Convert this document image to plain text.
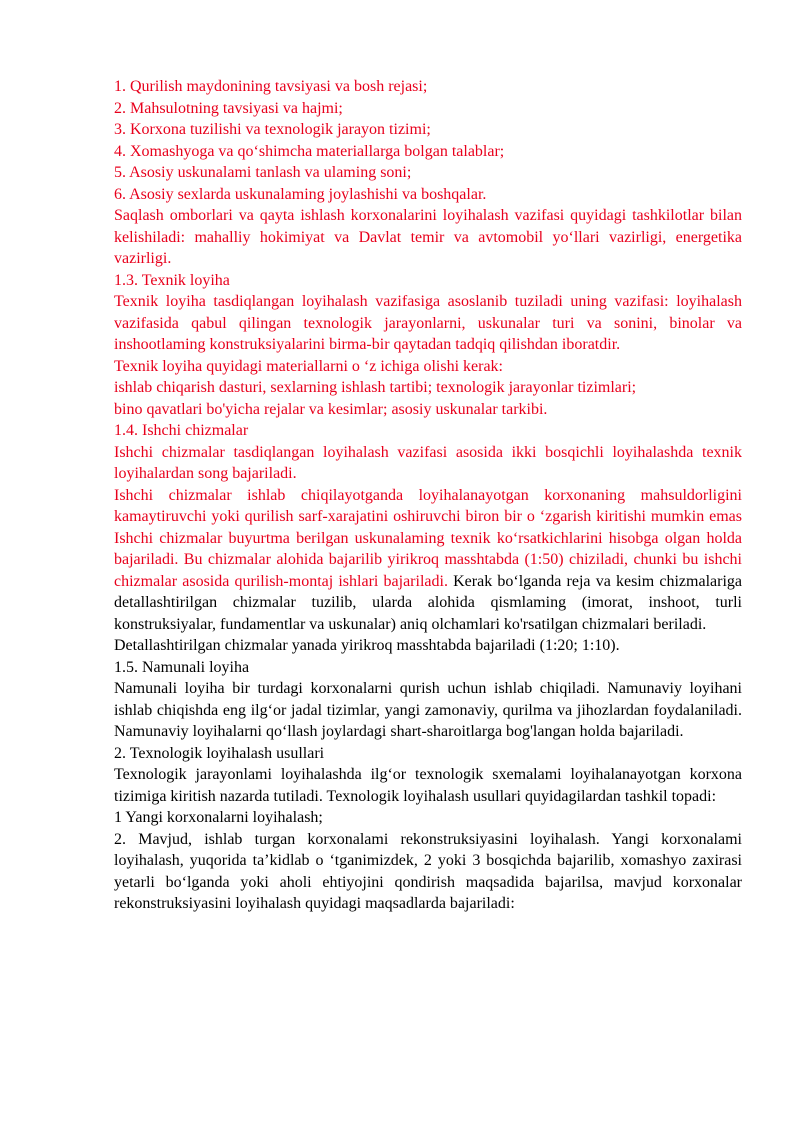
1. Qurilish maydonining tavsiyasi va bosh rejasi;
2. Mahsulotning tavsiyasi va hajmi;
3. Korxona tuzilishi va texnologik jarayon tizimi;
4. Xomashyoga va qo‘shimcha materiallarga bolgan talablar;
5. Asosiy uskunalami tanlash va ulaming soni;
6. Asosiy sexlarda uskunalaming joylashishi va boshqalar.

Saqlash omborlari va qayta ishlash korxonalarini loyihalash vazifasi quyidagi tashkilotlar bilan kelishiladi: mahalliy hokimiyat va Davlat temir va avtomobil yo‘llari vazirligi, energetika vazirligi.

1.3. Texnik loyiha

Texnik loyiha tasdiqlangan loyihalash vazifasiga asoslanib tuziladi uning vazifasi: loyihalash vazifasida qabul qilingan texnologik jarayonlarni, uskunalar turi va sonini, binolar va inshootlaming konstruksiyalarini birma-bir qaytadan tadqiq qilishdan iboratdir.

Texnik loyiha quyidagi materiallarni o ‘z ichiga olishi kerak:
ishlab chiqarish dasturi, sexlarning ishlash tartibi; texnologik jarayonlar tizimlari;
bino qavatlari bo'yicha rejalar va kesimlar; asosiy uskunalar tarkibi.
1.4. Ishchi chizmalar

Ishchi chizmalar tasdiqlangan loyihalash vazifasi asosida ikki bosqichli loyihalashda texnik loyihalardan song bajariladi.

Ishchi chizmalar ishlab chiqilayotganda loyihalanayotgan korxonaning mahsuldorligini kamaytiruvchi yoki qurilish sarf-xarajatini oshiruvchi biron bir o ‘zgarish kiritishi mumkin emas Ishchi chizmalar buyurtma berilgan uskunalaming texnik ko‘rsatkichlarini hisobga olgan holda bajariladi. Bu chizmalar alohida bajarilib yirikroq masshtabda (1:50) chiziladi, chunki bu ishchi chizmalar asosida qurilish-montaj ishlari bajariladi. Kerak bo‘lganda reja va kesim chizmalariga detallashtirilgan chizmalar tuzilib, ularda alohida qismlaming (imorat, inshoot, turli konstruksiyalar, fundamentlar va uskunalar) aniq olchamlari ko'rsatilgan chizmalari beriladi.

Detallashtirilgan chizmalar yanada yirikroq masshtabda bajariladi (1:20; 1:10).
1.5. Namunali loyiha

Namunali loyiha bir turdagi korxonalarni qurish uchun ishlab chiqiladi. Namunaviy loyihani ishlab chiqishda eng ilg‘or jadal tizimlar, yangi zamonaviy, qurilma va jihozlardan foydalaniladi. Namunaviy loyihalarni qo‘llash joylardagi shart-sharoitlarga bog'langan holda bajariladi.

2. Texnologik loyihalash usullari

Texnologik jarayonlami loyihalashda ilg‘or texnologik sxemalami loyihalanayotgan korxona tizimiga kiritish nazarda tutiladi. Texnologik loyihalash usullari quyidagilardan tashkil topadi:

1 Yangi korxonalarni loyihalash;

2. Mavjud, ishlab turgan korxonalami rekonstruksiyasini loyihalash. Yangi korxonalami loyihalash, yuqorida ta’kidlab o ‘tganimizdek, 2 yoki 3 bosqichda bajarilib, xomashyo zaxirasi yetarli bo‘lganda yoki aholi ehtiyojini qondirish maqsadida bajarilsa, mavjud korxonalar rekonstruksiyasini loyihalash quyidagi maqsadlarda bajariladi:
